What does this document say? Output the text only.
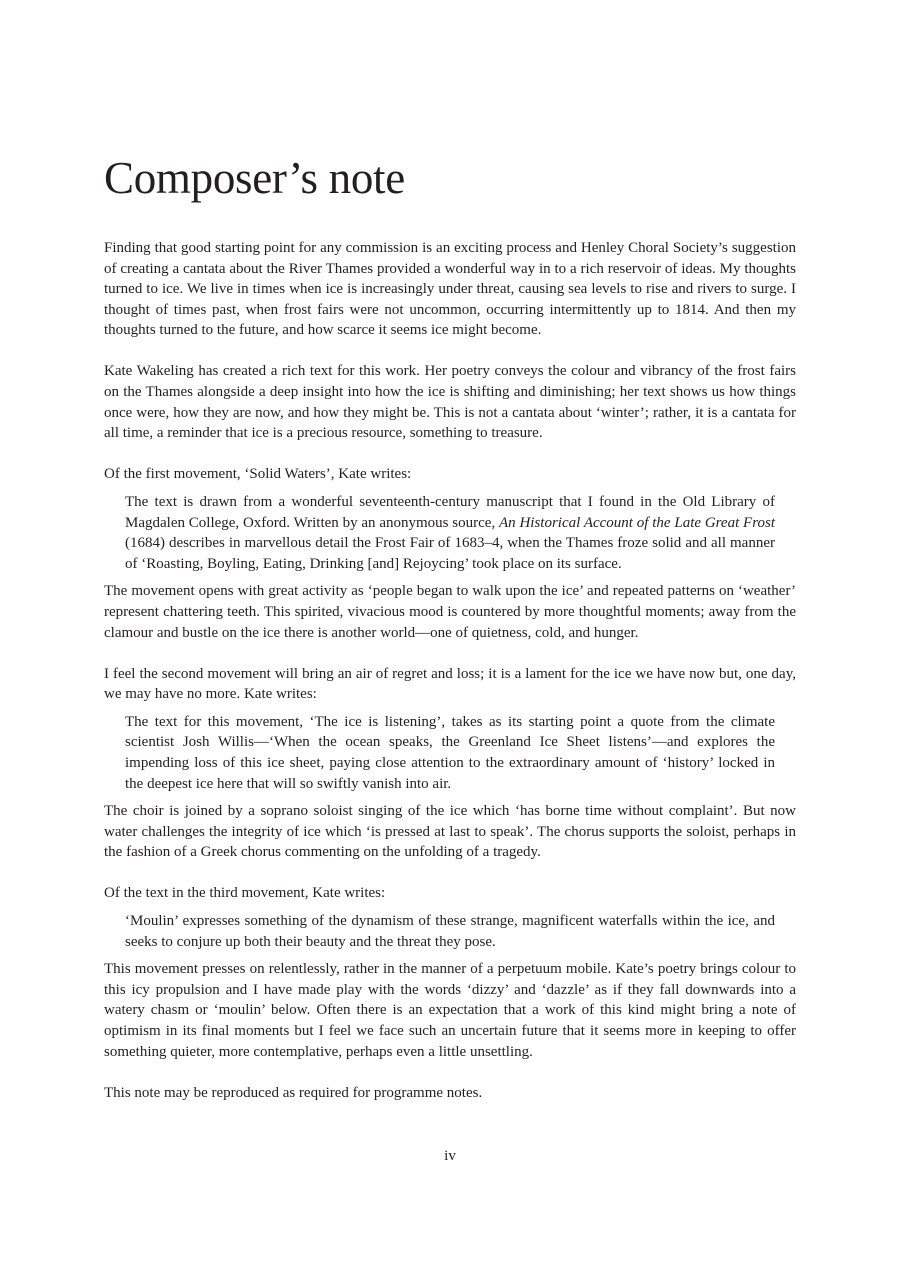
Composer’s note

Finding that good starting point for any commission is an exciting process and Henley Choral Society’s suggestion of creating a cantata about the River Thames provided a wonderful way in to a rich reservoir of ideas. My thoughts turned to ice. We live in times when ice is increasingly under threat, causing sea levels to rise and rivers to surge. I thought of times past, when frost fairs were not uncommon, occurring intermittently up to 1814. And then my thoughts turned to the future, and how scarce it seems ice might become.

Kate Wakeling has created a rich text for this work. Her poetry conveys the colour and vibrancy of the frost fairs on the Thames alongside a deep insight into how the ice is shifting and diminishing; her text shows us how things once were, how they are now, and how they might be. This is not a cantata about ‘winter’; rather, it is a cantata for all time, a reminder that ice is a precious resource, something to treasure.

Of the first movement, ‘Solid Waters’, Kate writes:

The text is drawn from a wonderful seventeenth-century manuscript that I found in the Old Library of Magdalen College, Oxford. Written by an anonymous source, An Historical Account of the Late Great Frost (1684) describes in marvellous detail the Frost Fair of 1683–4, when the Thames froze solid and all manner of ‘Roasting, Boyling, Eating, Drinking [and] Rejoycing’ took place on its surface.

The movement opens with great activity as ‘people began to walk upon the ice’ and repeated patterns on ‘weather’ represent chattering teeth. This spirited, vivacious mood is countered by more thoughtful moments; away from the clamour and bustle on the ice there is another world—one of quietness, cold, and hunger.

I feel the second movement will bring an air of regret and loss; it is a lament for the ice we have now but, one day, we may have no more. Kate writes:

The text for this movement, ‘The ice is listening’, takes as its starting point a quote from the climate scientist Josh Willis—‘When the ocean speaks, the Greenland Ice Sheet listens’—and explores the impending loss of this ice sheet, paying close attention to the extraordinary amount of ‘history’ locked in the deepest ice here that will so swiftly vanish into air.

The choir is joined by a soprano soloist singing of the ice which ‘has borne time without complaint’. But now water challenges the integrity of ice which ‘is pressed at last to speak’. The chorus supports the soloist, perhaps in the fashion of a Greek chorus commenting on the unfolding of a tragedy.

Of the text in the third movement, Kate writes:

‘Moulin’ expresses something of the dynamism of these strange, magnificent waterfalls within the ice, and seeks to conjure up both their beauty and the threat they pose.

This movement presses on relentlessly, rather in the manner of a perpetuum mobile. Kate’s poetry brings colour to this icy propulsion and I have made play with the words ‘dizzy’ and ‘dazzle’ as if they fall downwards into a watery chasm or ‘moulin’ below. Often there is an expectation that a work of this kind might bring a note of optimism in its final moments but I feel we face such an uncertain future that it seems more in keeping to offer something quieter, more contemplative, perhaps even a little unsettling.

This note may be reproduced as required for programme notes.

iv
